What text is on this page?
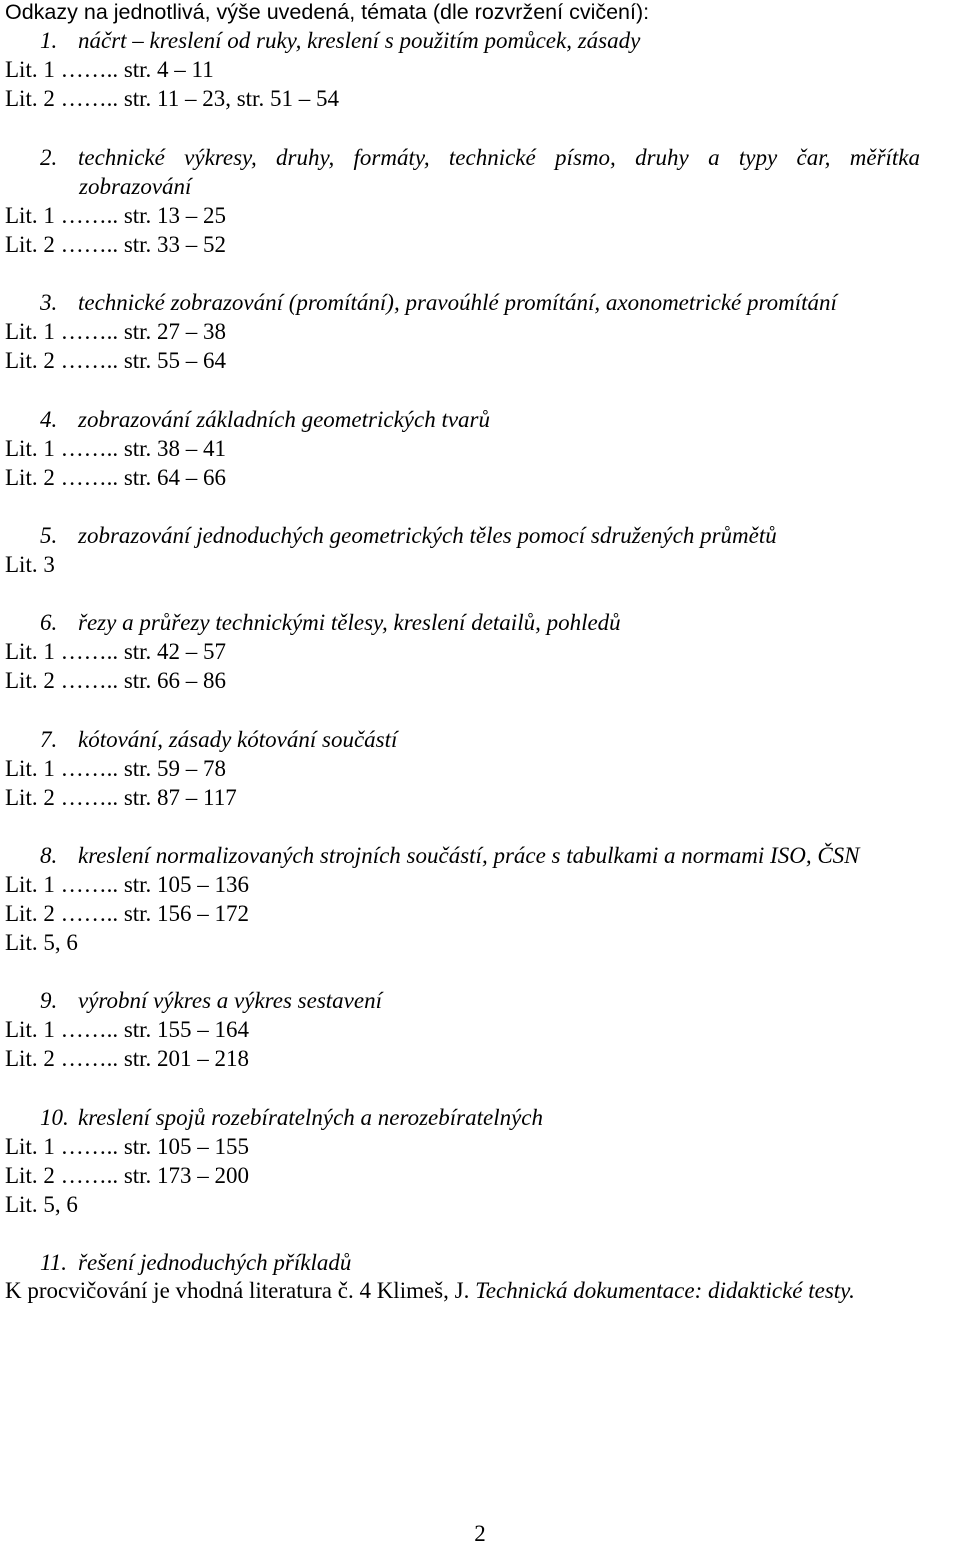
Odkazy na jednotlivá, výše uvedená, témata (dle rozvržení cvičení):
1. náčrt – kreslení od ruky, kreslení s použitím pomůcek, zásady
Lit. 1 …….. str. 4 – 11
Lit. 2 …….. str. 11 – 23, str. 51 – 54
2. technické výkresy, druhy, formáty, technické písmo, druhy a typy čar, měřítka
zobrazování
Lit. 1 …….. str. 13 – 25
Lit. 2 …….. str. 33 – 52
3. technické zobrazování (promítání), pravoúhlé promítání, axonometrické promítání
Lit. 1 …….. str. 27 – 38
Lit. 2 …….. str. 55 – 64
4. zobrazování základních geometrických tvarů
Lit. 1 …….. str. 38 – 41
Lit. 2 …….. str. 64 – 66
5. zobrazování jednoduchých geometrických těles pomocí sdružených průmětů
Lit. 3
6. řezy a průřezy technickými tělesy, kreslení detailů, pohledů
Lit. 1 …….. str. 42 – 57
Lit. 2 …….. str. 66 – 86
7. kótování, zásady kótování součástí
Lit. 1 …….. str. 59 – 78
Lit. 2 …….. str. 87 – 117
8. kreslení normalizovaných strojních součástí, práce s tabulkami a normami ISO, ČSN
Lit. 1 …….. str. 105 – 136
Lit. 2 …….. str. 156 – 172
Lit. 5, 6
9. výrobní výkres a výkres sestavení
Lit. 1 …….. str. 155 – 164
Lit. 2 …….. str. 201 – 218
10. kreslení spojů rozebíratelných a nerozebíratelných
Lit. 1 …….. str. 105 – 155
Lit. 2 …….. str. 173 – 200
Lit. 5, 6
11. řešení jednoduchých příkladů
K procvičování je vhodná literatura č. 4 Klimeš, J. Technická dokumentace: didaktické testy.
2
